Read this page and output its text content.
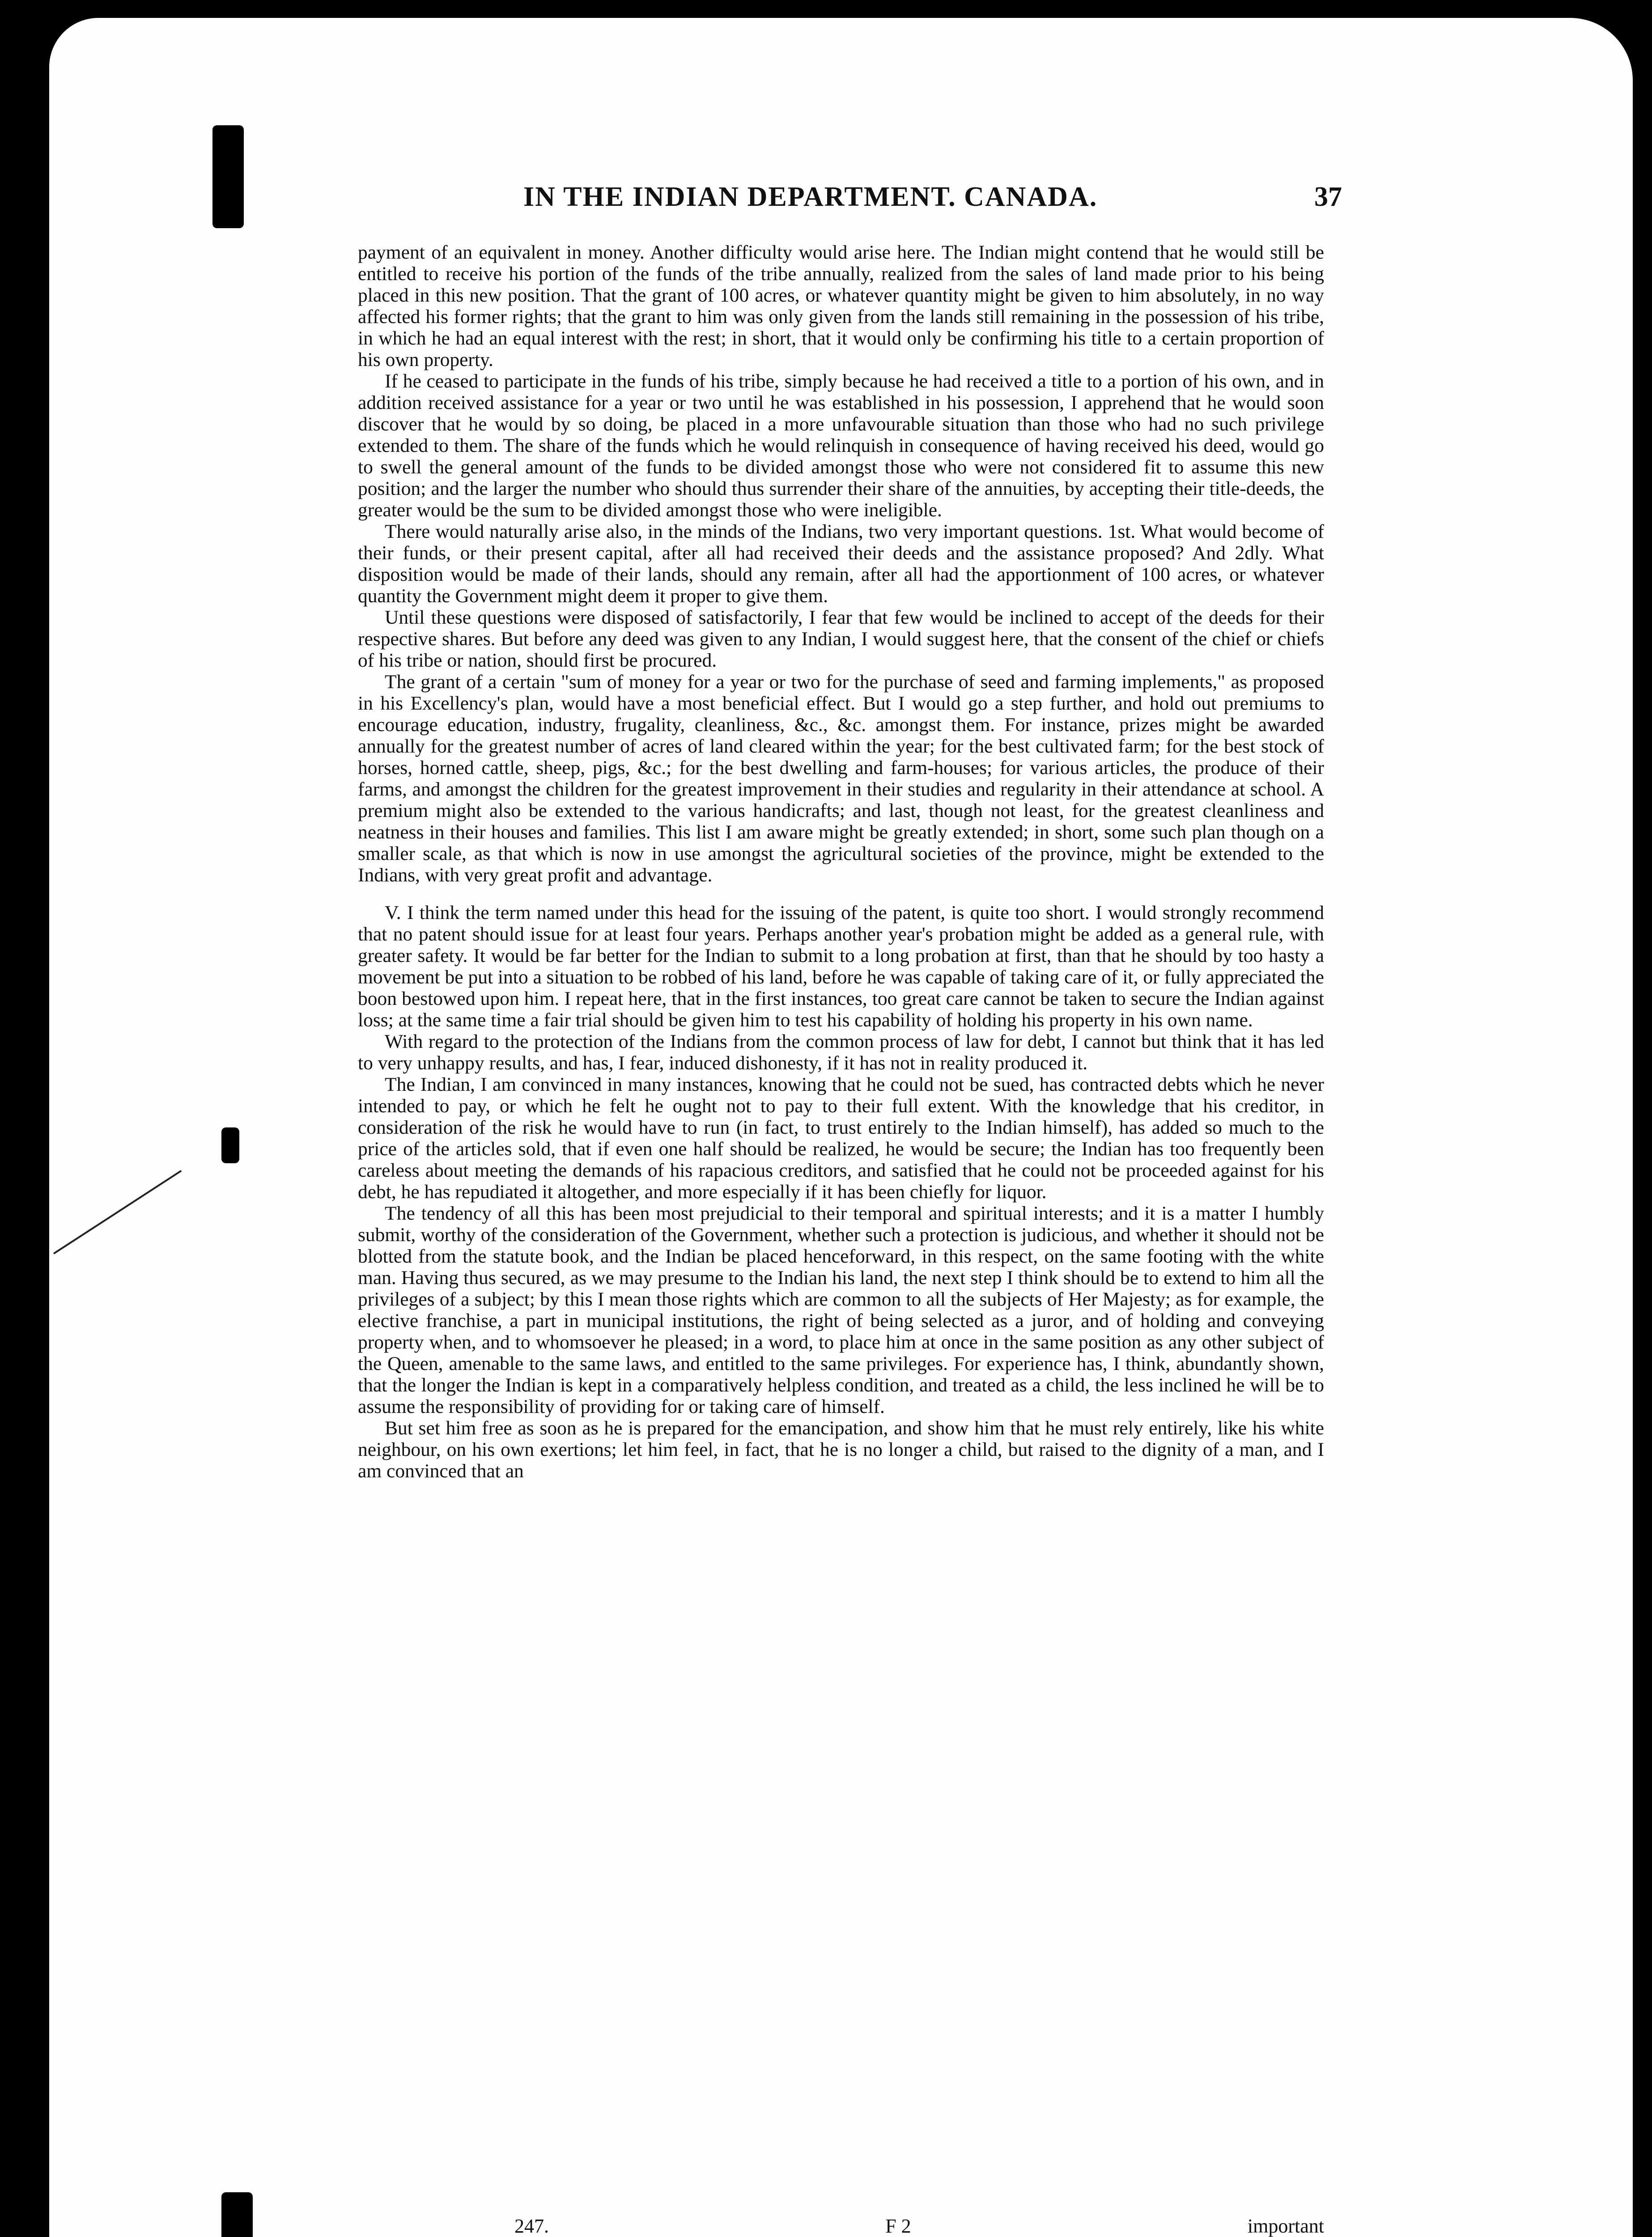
IN THE INDIAN DEPARTMENT. CANADA.	37

payment of an equivalent in money. Another difficulty would arise here. The Indian might contend that he would still be entitled to receive his portion of the funds of the tribe annually, realized from the sales of land made prior to his being placed in this new position. That the grant of 100 acres, or whatever quantity might be given to him absolutely, in no way affected his former rights; that the grant to him was only given from the lands still remaining in the possession of his tribe, in which he had an equal interest with the rest; in short, that it would only be confirming his title to a certain proportion of his own property.

If he ceased to participate in the funds of his tribe, simply because he had received a title to a portion of his own, and in addition received assistance for a year or two until he was established in his possession, I apprehend that he would soon discover that he would by so doing, be placed in a more unfavourable situation than those who had no such privilege extended to them. The share of the funds which he would relinquish in consequence of having received his deed, would go to swell the general amount of the funds to be divided amongst those who were not considered fit to assume this new position; and the larger the number who should thus surrender their share of the annuities, by accepting their title-deeds, the greater would be the sum to be divided amongst those who were ineligible.

There would naturally arise also, in the minds of the Indians, two very important questions. 1st. What would become of their funds, or their present capital, after all had received their deeds and the assistance proposed? And 2dly. What disposition would be made of their lands, should any remain, after all had the apportionment of 100 acres, or whatever quantity the Government might deem it proper to give them.

Until these questions were disposed of satisfactorily, I fear that few would be inclined to accept of the deeds for their respective shares. But before any deed was given to any Indian, I would suggest here, that the consent of the chief or chiefs of his tribe or nation, should first be procured.

The grant of a certain "sum of money for a year or two for the purchase of seed and farming implements," as proposed in his Excellency's plan, would have a most beneficial effect. But I would go a step further, and hold out premiums to encourage education, industry, frugality, cleanliness, &c., &c. amongst them. For instance, prizes might be awarded annually for the greatest number of acres of land cleared within the year; for the best cultivated farm; for the best stock of horses, horned cattle, sheep, pigs, &c.; for the best dwelling and farm-houses; for various articles, the produce of their farms, and amongst the children for the greatest improvement in their studies and regularity in their attendance at school. A premium might also be extended to the various handicrafts; and last, though not least, for the greatest cleanliness and neatness in their houses and families. This list I am aware might be greatly extended; in short, some such plan though on a smaller scale, as that which is now in use amongst the agricultural societies of the province, might be extended to the Indians, with very great profit and advantage.

V. I think the term named under this head for the issuing of the patent, is quite too short. I would strongly recommend that no patent should issue for at least four years. Perhaps another year's probation might be added as a general rule, with greater safety. It would be far better for the Indian to submit to a long probation at first, than that he should by too hasty a movement be put into a situation to be robbed of his land, before he was capable of taking care of it, or fully appreciated the boon bestowed upon him. I repeat here, that in the first instances, too great care cannot be taken to secure the Indian against loss; at the same time a fair trial should be given him to test his capability of holding his property in his own name.

With regard to the protection of the Indians from the common process of law for debt, I cannot but think that it has led to very unhappy results, and has, I fear, induced dishonesty, if it has not in reality produced it.

The Indian, I am convinced in many instances, knowing that he could not be sued, has contracted debts which he never intended to pay, or which he felt he ought not to pay to their full extent. With the knowledge that his creditor, in consideration of the risk he would have to run (in fact, to trust entirely to the Indian himself), has added so much to the price of the articles sold, that if even one half should be realized, he would be secure; the Indian has too frequently been careless about meeting the demands of his rapacious creditors, and satisfied that he could not be proceeded against for his debt, he has repudiated it altogether, and more especially if it has been chiefly for liquor.

The tendency of all this has been most prejudicial to their temporal and spiritual interests; and it is a matter I humbly submit, worthy of the consideration of the Government, whether such a protection is judicious, and whether it should not be blotted from the statute book, and the Indian be placed henceforward, in this respect, on the same footing with the white man. Having thus secured, as we may presume to the Indian his land, the next step I think should be to extend to him all the privileges of a subject; by this I mean those rights which are common to all the subjects of Her Majesty; as for example, the elective franchise, a part in municipal institutions, the right of being selected as a juror, and of holding and conveying property when, and to whomsoever he pleased; in a word, to place him at once in the same position as any other subject of the Queen, amenable to the same laws, and entitled to the same privileges. For experience has, I think, abundantly shown, that the longer the Indian is kept in a comparatively helpless condition, and treated as a child, the less inclined he will be to assume the responsibility of providing for or taking care of himself.

But set him free as soon as he is prepared for the emancipation, and show him that he must rely entirely, like his white neighbour, on his own exertions; let him feel, in fact, that he is no longer a child, but raised to the dignity of a man, and I am convinced that an

247.	F 2	important
